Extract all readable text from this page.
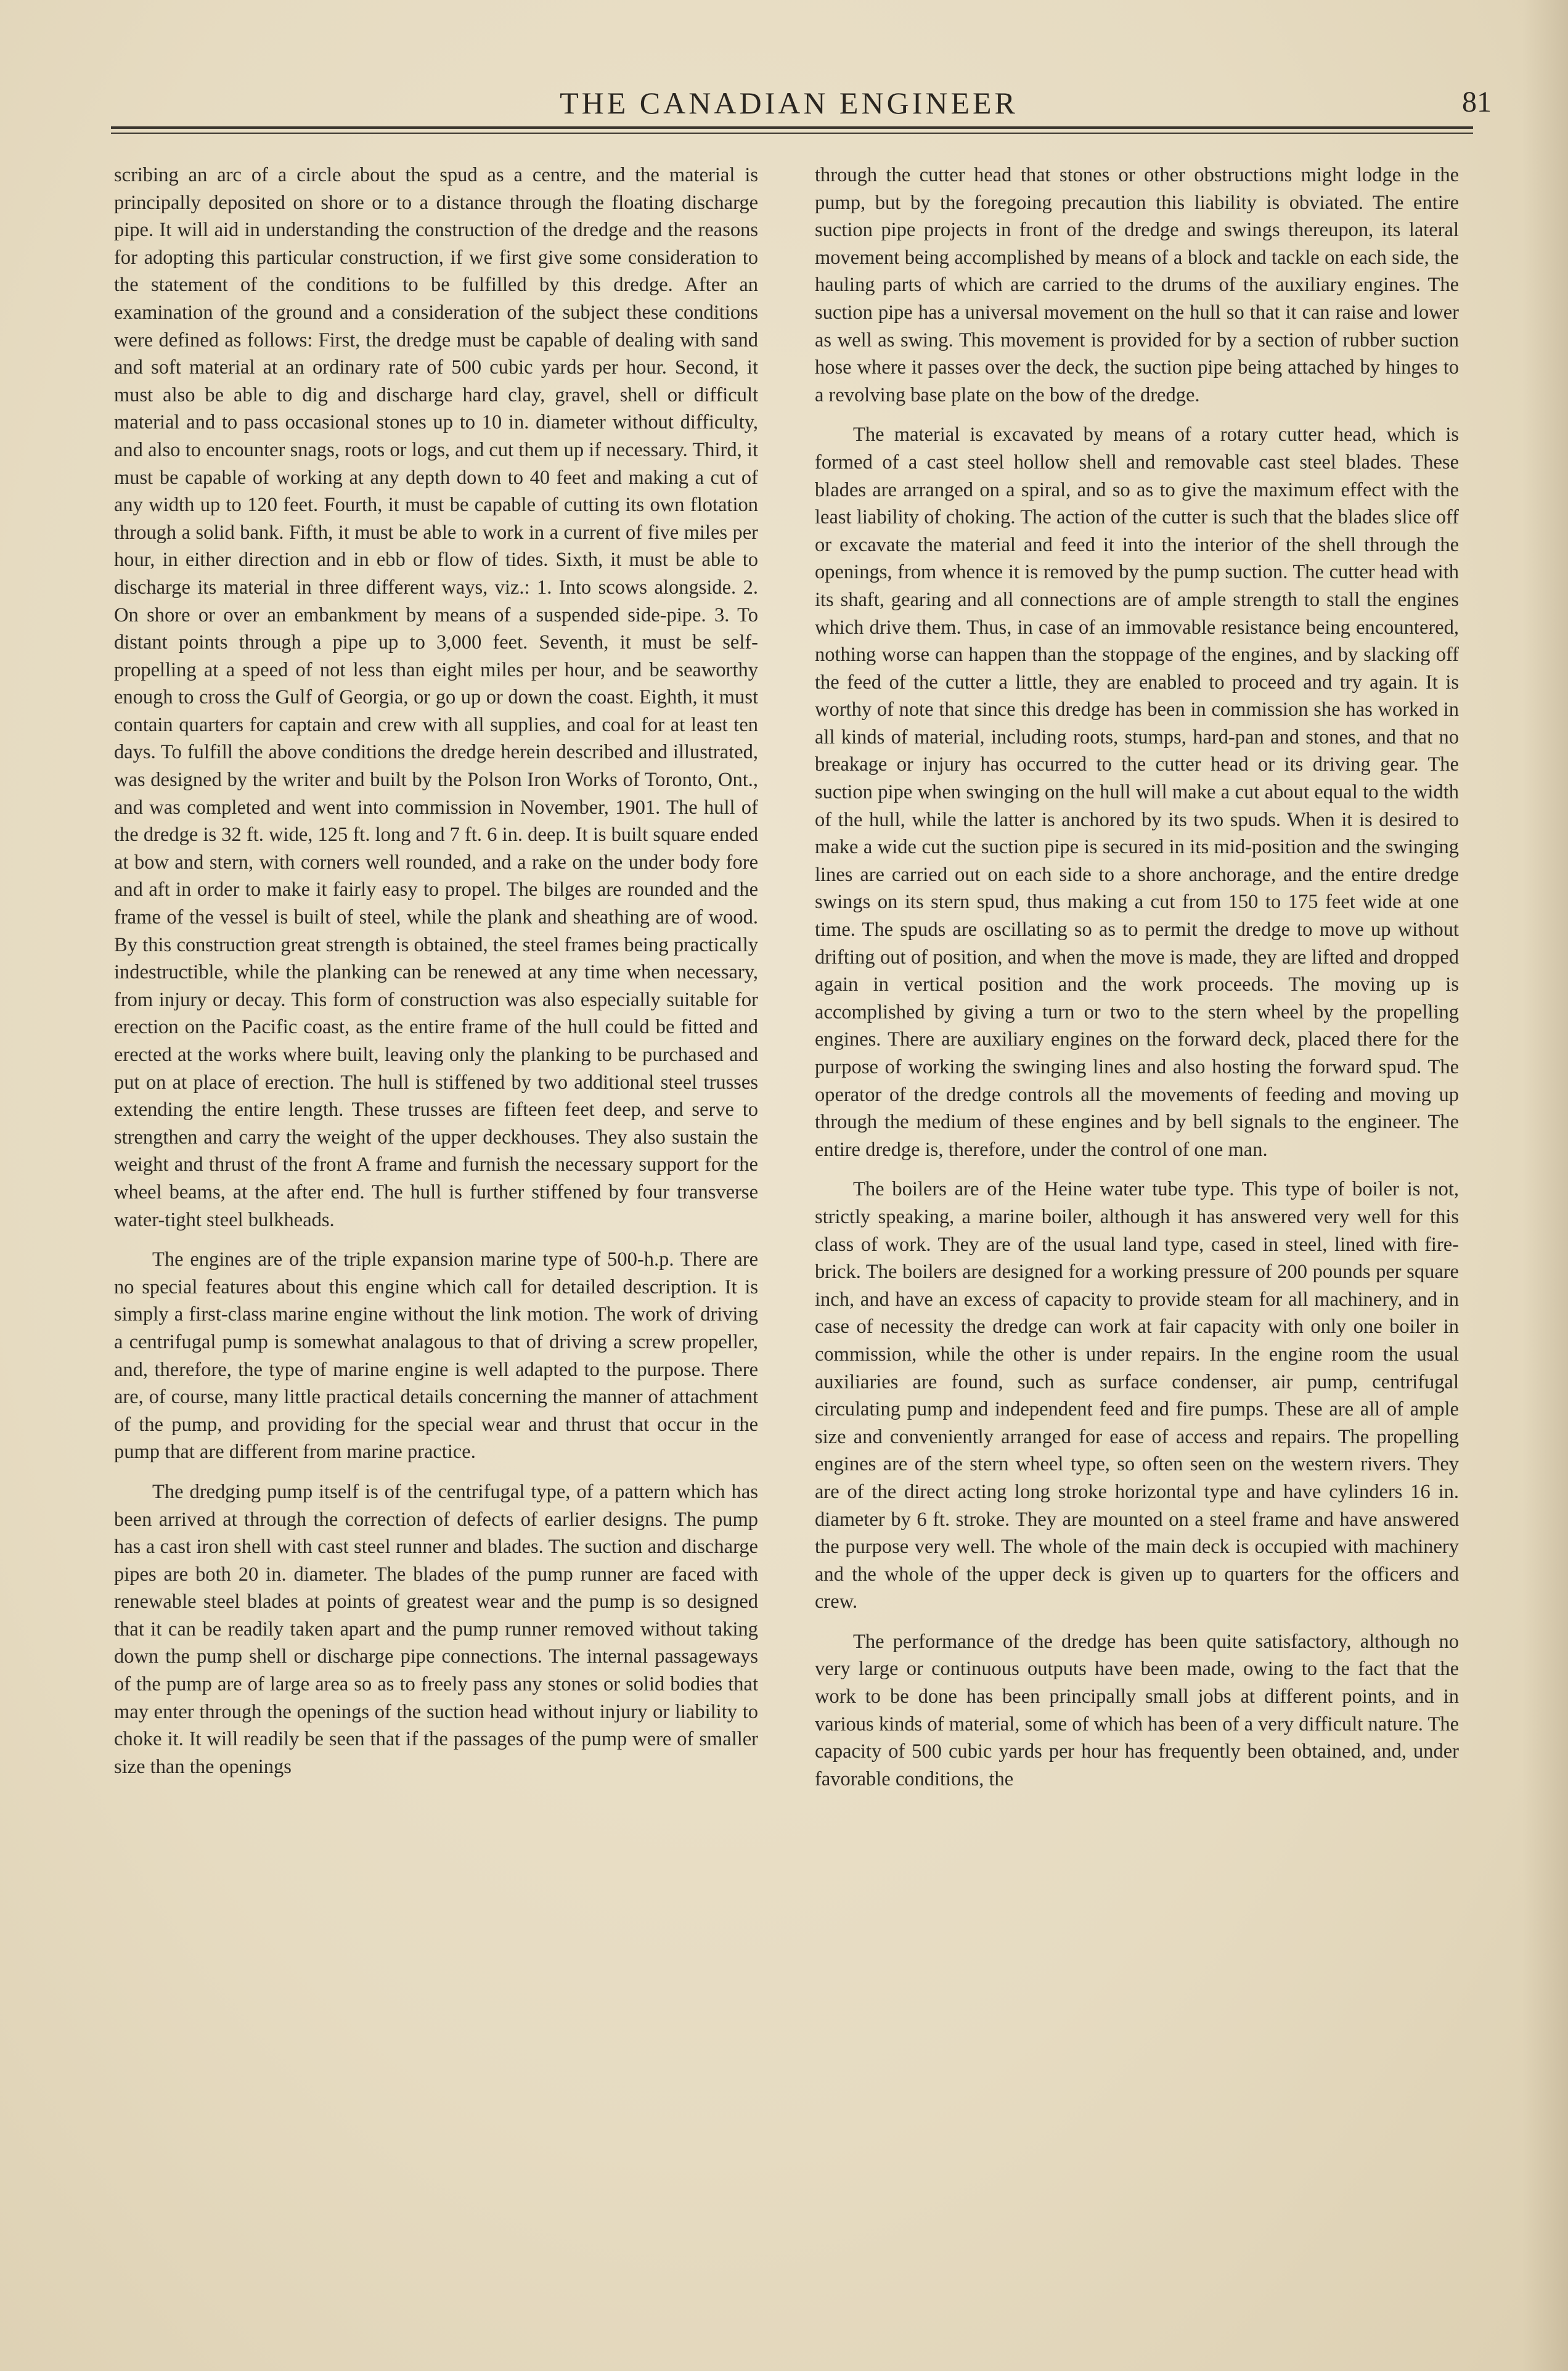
THE CANADIAN ENGINEER	81

scribing an arc of a circle about the spud as a centre, and the material is principally deposited on shore or to a distance through the floating discharge pipe. It will aid in understanding the construction of the dredge and the reasons for adopting this particular construction, if we first give some consideration to the statement of the conditions to be fulfilled by this dredge. After an examination of the ground and a consideration of the subject these conditions were defined as follows: First, the dredge must be capable of dealing with sand and soft material at an ordinary rate of 500 cubic yards per hour. Second, it must also be able to dig and discharge hard clay, gravel, shell or difficult material and to pass occasional stones up to 10 in. diameter without difficulty, and also to encounter snags, roots or logs, and cut them up if necessary. Third, it must be capable of working at any depth down to 40 feet and making a cut of any width up to 120 feet. Fourth, it must be capable of cutting its own flotation through a solid bank. Fifth, it must be able to work in a current of five miles per hour, in either direction and in ebb or flow of tides. Sixth, it must be able to discharge its material in three different ways, viz.: 1. Into scows alongside. 2. On shore or over an embankment by means of a suspended side-pipe. 3. To distant points through a pipe up to 3,000 feet. Seventh, it must be self-propelling at a speed of not less than eight miles per hour, and be seaworthy enough to cross the Gulf of Georgia, or go up or down the coast. Eighth, it must contain quarters for captain and crew with all supplies, and coal for at least ten days. To fulfill the above conditions the dredge herein described and illustrated, was designed by the writer and built by the Polson Iron Works of Toronto, Ont., and was completed and went into commission in November, 1901. The hull of the dredge is 32 ft. wide, 125 ft. long and 7 ft. 6 in. deep. It is built square ended at bow and stern, with corners well rounded, and a rake on the under body fore and aft in order to make it fairly easy to propel. The bilges are rounded and the frame of the vessel is built of steel, while the plank and sheathing are of wood. By this construction great strength is obtained, the steel frames being practically indestructible, while the planking can be renewed at any time when necessary, from injury or decay. This form of construction was also especially suitable for erection on the Pacific coast, as the entire frame of the hull could be fitted and erected at the works where built, leaving only the planking to be purchased and put on at place of erection. The hull is stiffened by two additional steel trusses extending the entire length. These trusses are fifteen feet deep, and serve to strengthen and carry the weight of the upper deckhouses. They also sustain the weight and thrust of the front A frame and furnish the necessary support for the wheel beams, at the after end. The hull is further stiffened by four transverse water-tight steel bulkheads.

The engines are of the triple expansion marine type of 500-h.p. There are no special features about this engine which call for detailed description. It is simply a first-class marine engine without the link motion. The work of driving a centrifugal pump is somewhat analagous to that of driving a screw propeller, and, therefore, the type of marine engine is well adapted to the purpose. There are, of course, many little practical details concerning the manner of attachment of the pump, and providing for the special wear and thrust that occur in the pump that are different from marine practice.

The dredging pump itself is of the centrifugal type, of a pattern which has been arrived at through the correction of defects of earlier designs. The pump has a cast iron shell with cast steel runner and blades. The suction and discharge pipes are both 20 in. diameter. The blades of the pump runner are faced with renewable steel blades at points of greatest wear and the pump is so designed that it can be readily taken apart and the pump runner removed without taking down the pump shell or discharge pipe connections. The internal passageways of the pump are of large area so as to freely pass any stones or solid bodies that may enter through the openings of the suction head without injury or liability to choke it. It will readily be seen that if the passages of the pump were of smaller size than the openings

through the cutter head that stones or other obstructions might lodge in the pump, but by the foregoing precaution this liability is obviated. The entire suction pipe projects in front of the dredge and swings thereupon, its lateral movement being accomplished by means of a block and tackle on each side, the hauling parts of which are carried to the drums of the auxiliary engines. The suction pipe has a universal movement on the hull so that it can raise and lower as well as swing. This movement is provided for by a section of rubber suction hose where it passes over the deck, the suction pipe being attached by hinges to a revolving base plate on the bow of the dredge.

The material is excavated by means of a rotary cutter head, which is formed of a cast steel hollow shell and removable cast steel blades. These blades are arranged on a spiral, and so as to give the maximum effect with the least liability of choking. The action of the cutter is such that the blades slice off or excavate the material and feed it into the interior of the shell through the openings, from whence it is removed by the pump suction. The cutter head with its shaft, gearing and all connections are of ample strength to stall the engines which drive them. Thus, in case of an immovable resistance being encountered, nothing worse can happen than the stoppage of the engines, and by slacking off the feed of the cutter a little, they are enabled to proceed and try again. It is worthy of note that since this dredge has been in commission she has worked in all kinds of material, including roots, stumps, hard-pan and stones, and that no breakage or injury has occurred to the cutter head or its driving gear. The suction pipe when swinging on the hull will make a cut about equal to the width of the hull, while the latter is anchored by its two spuds. When it is desired to make a wide cut the suction pipe is secured in its mid-position and the swinging lines are carried out on each side to a shore anchorage, and the entire dredge swings on its stern spud, thus making a cut from 150 to 175 feet wide at one time. The spuds are oscillating so as to permit the dredge to move up without drifting out of position, and when the move is made, they are lifted and dropped again in vertical position and the work proceeds. The moving up is accomplished by giving a turn or two to the stern wheel by the propelling engines. There are auxiliary engines on the forward deck, placed there for the purpose of working the swinging lines and also hosting the forward spud. The operator of the dredge controls all the movements of feeding and moving up through the medium of these engines and by bell signals to the engineer. The entire dredge is, therefore, under the control of one man.

The boilers are of the Heine water tube type. This type of boiler is not, strictly speaking, a marine boiler, although it has answered very well for this class of work. They are of the usual land type, cased in steel, lined with fire-brick. The boilers are designed for a working pressure of 200 pounds per square inch, and have an excess of capacity to provide steam for all machinery, and in case of necessity the dredge can work at fair capacity with only one boiler in commission, while the other is under repairs. In the engine room the usual auxiliaries are found, such as surface condenser, air pump, centrifugal circulating pump and independent feed and fire pumps. These are all of ample size and conveniently arranged for ease of access and repairs. The propelling engines are of the stern wheel type, so often seen on the western rivers. They are of the direct acting long stroke horizontal type and have cylinders 16 in. diameter by 6 ft. stroke. They are mounted on a steel frame and have answered the purpose very well. The whole of the main deck is occupied with machinery and the whole of the upper deck is given up to quarters for the officers and crew.

The performance of the dredge has been quite satisfactory, although no very large or continuous outputs have been made, owing to the fact that the work to be done has been principally small jobs at different points, and in various kinds of material, some of which has been of a very difficult nature. The capacity of 500 cubic yards per hour has frequently been obtained, and, under favorable conditions, the
